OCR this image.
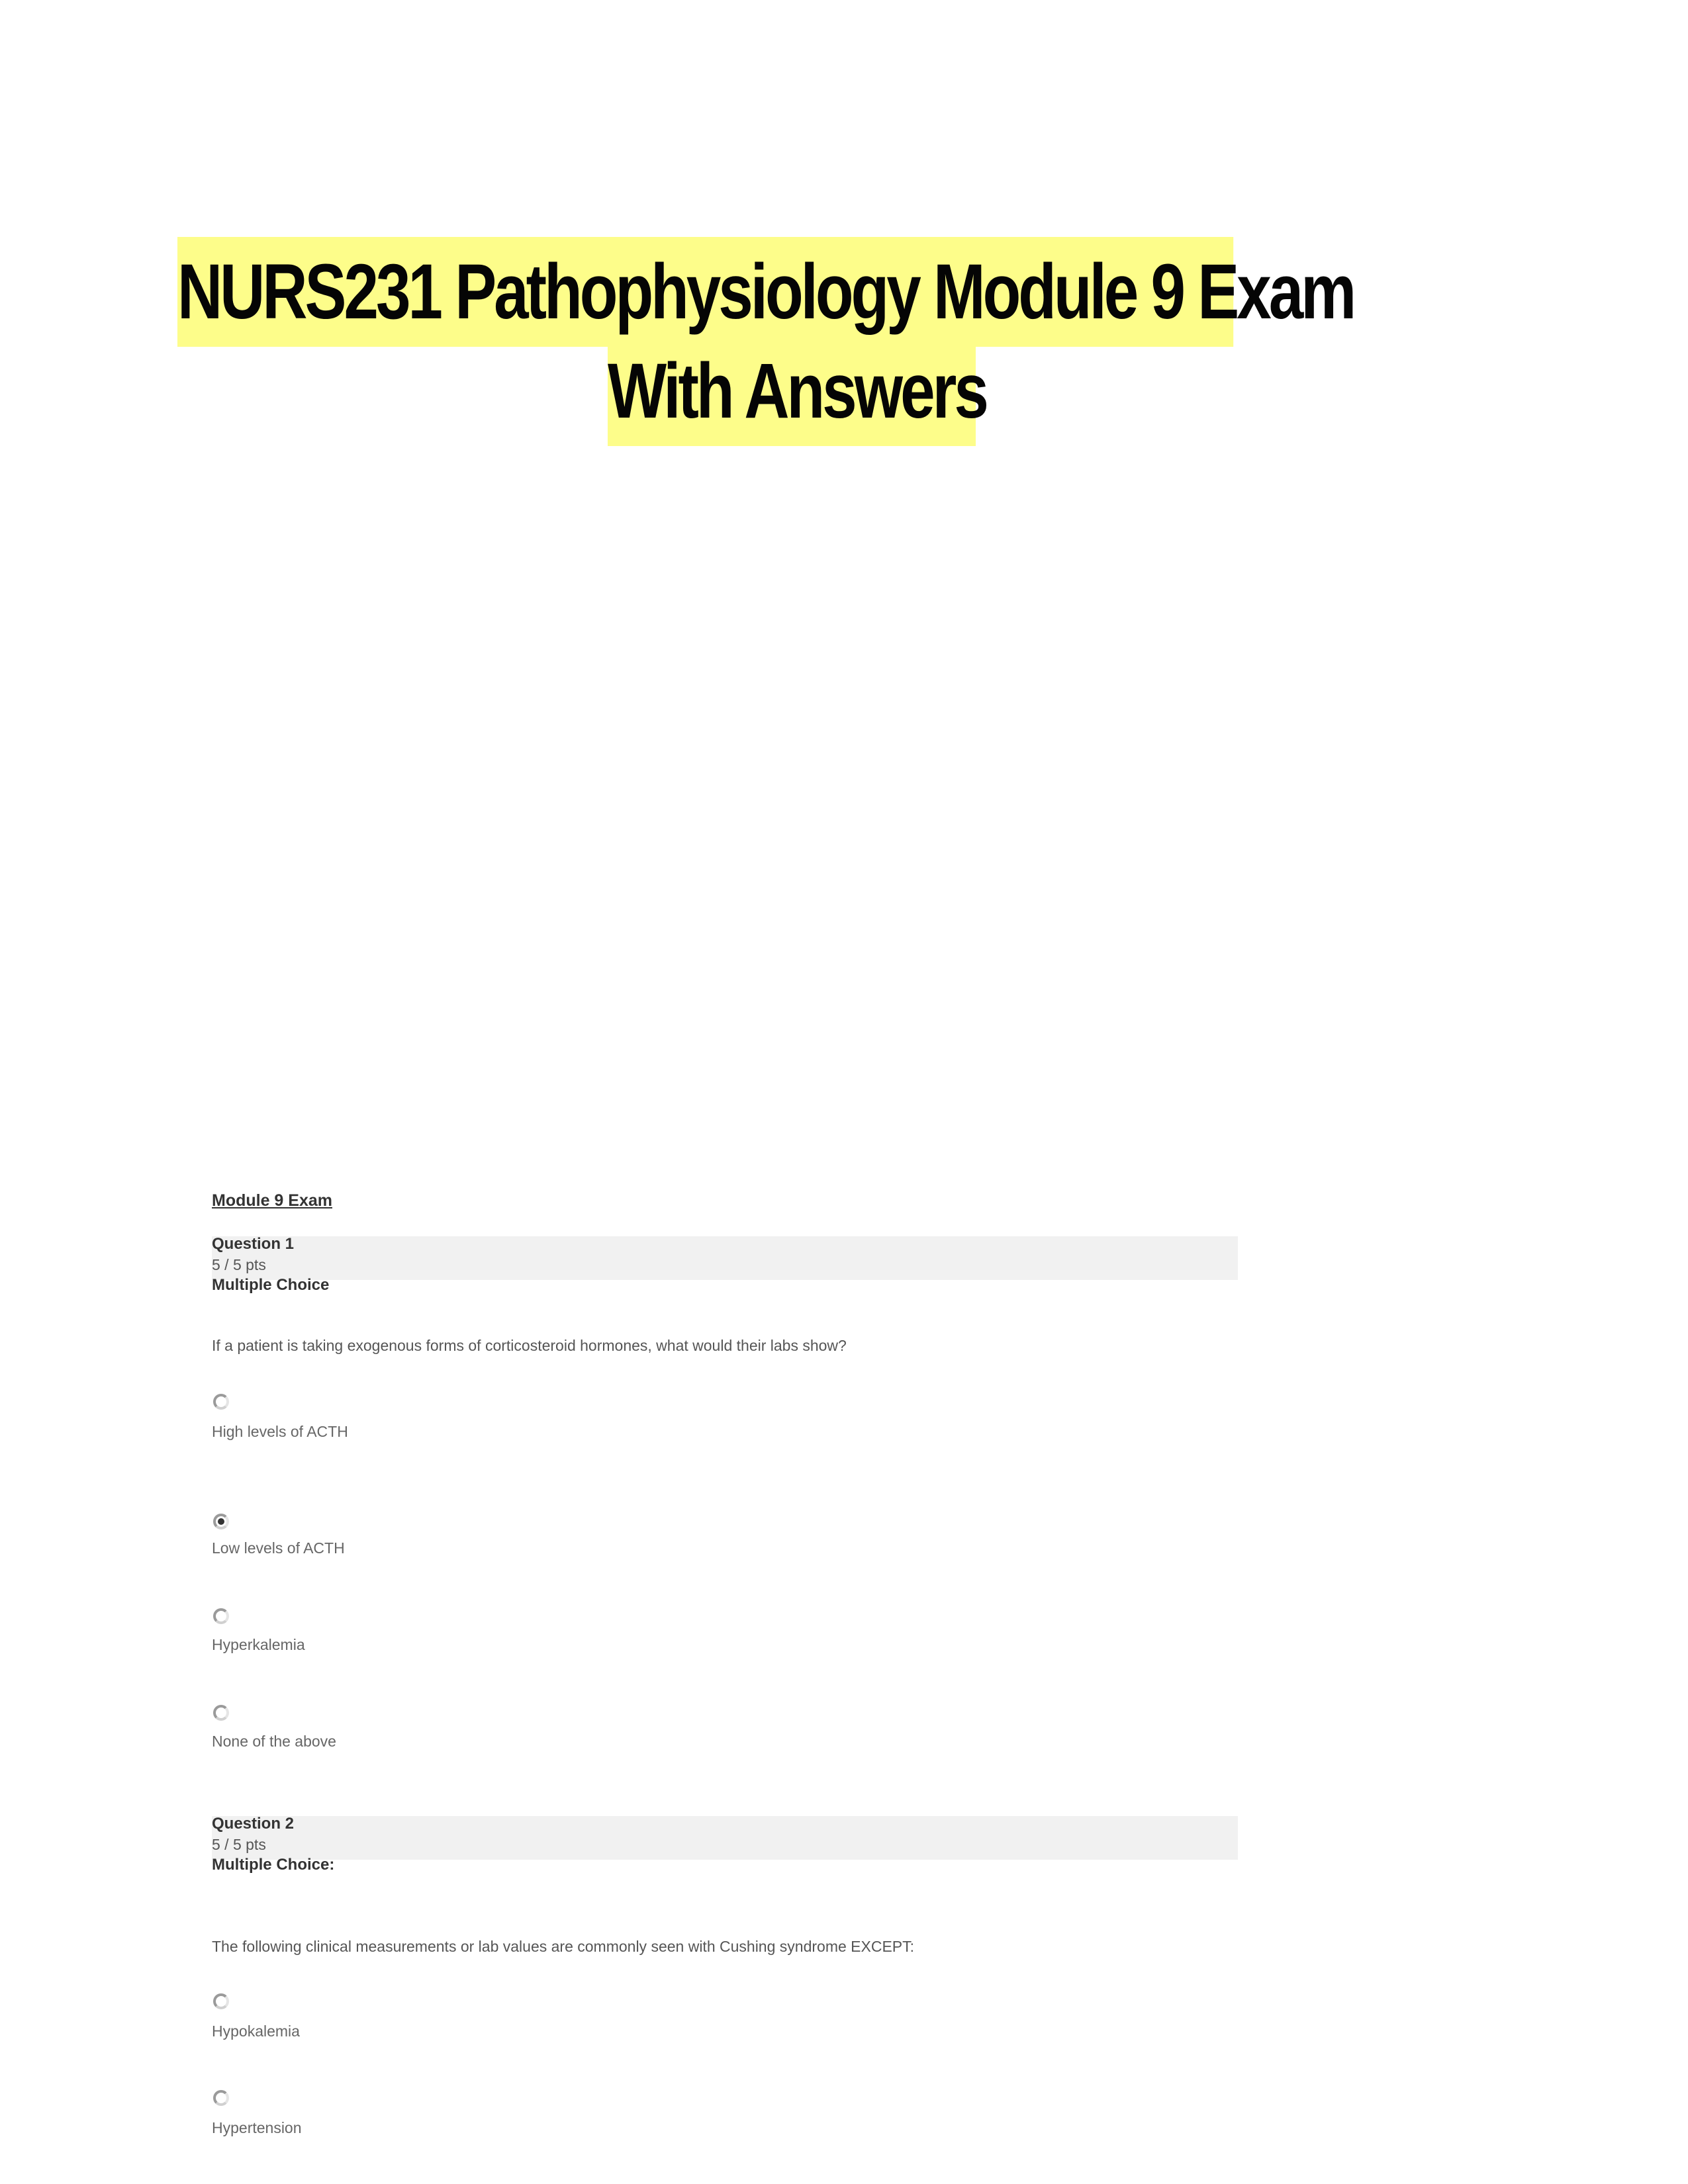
NURS231 Pathophysiology Module 9 Exam
With Answers
Module 9 Exam
Question 1
5 / 5 pts
Multiple Choice
If a patient is taking exogenous forms of corticosteroid hormones, what would their labs show?
High levels of ACTH
Low levels of ACTH
Hyperkalemia
None of the above
Question 2
5 / 5 pts
Multiple Choice:
The following clinical measurements or lab values are commonly seen with Cushing syndrome EXCEPT:
Hypokalemia
Hypertension
